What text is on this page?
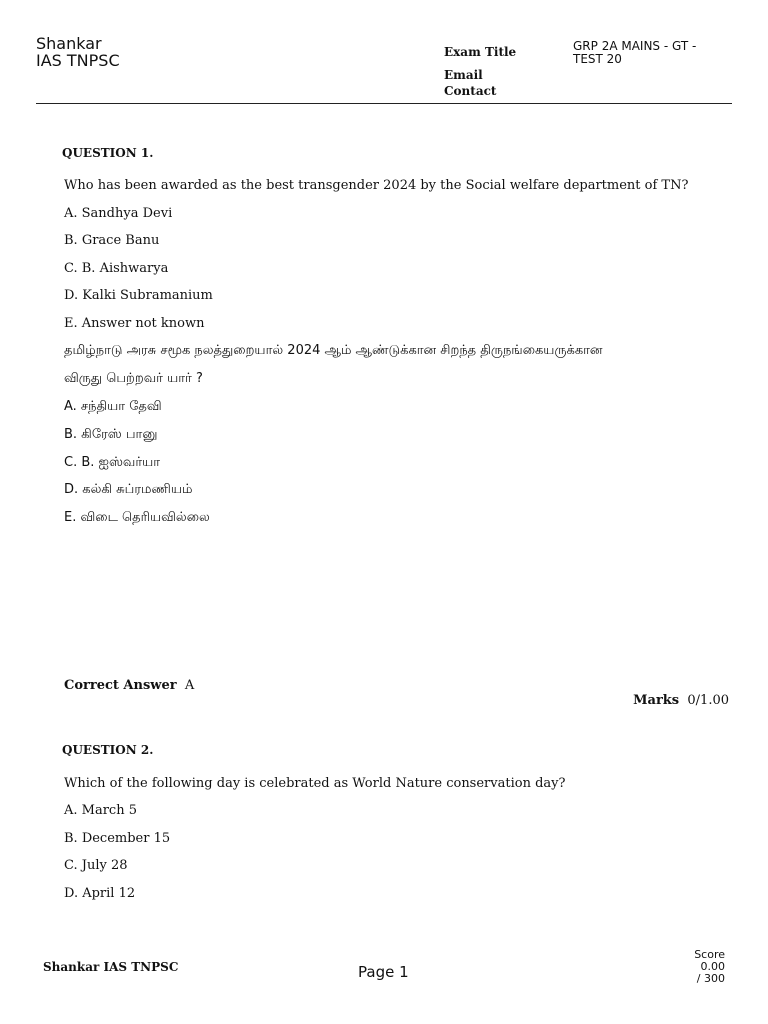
Shankar
IAS TNPSC	Exam Title	GRP 2A MAINS - GT -
TEST 20
Email
Contact
QUESTION 1.
Who has been awarded as the best transgender 2024 by the Social welfare department of TN?
A. Sandhya Devi
B. Grace Banu
C. B. Aishwarya
D. Kalki Subramanium
E. Answer not known
தமிழ்நாடு அரசு சமூக நலத்துறையால் 2024 ஆம் ஆண்டுக்கான சிறந்த திருநங்கையருக்கான
விருது பெற்றவர் யார் ?
A. சந்தியா தேவி
B. கிரேஸ் பானு
C. B. ஐஸ்வர்யா
D. கல்கி சுப்ரமணியம்
E. விடை தெரியவில்லை
Correct Answer A
Marks 0/1.00
QUESTION 2.
Which of the following day is celebrated as World Nature conservation day?
A. March 5
B. December 15
C. July 28
D. April 12
Shankar IAS TNPSC	Page 1
Score
0.00
/ 300
